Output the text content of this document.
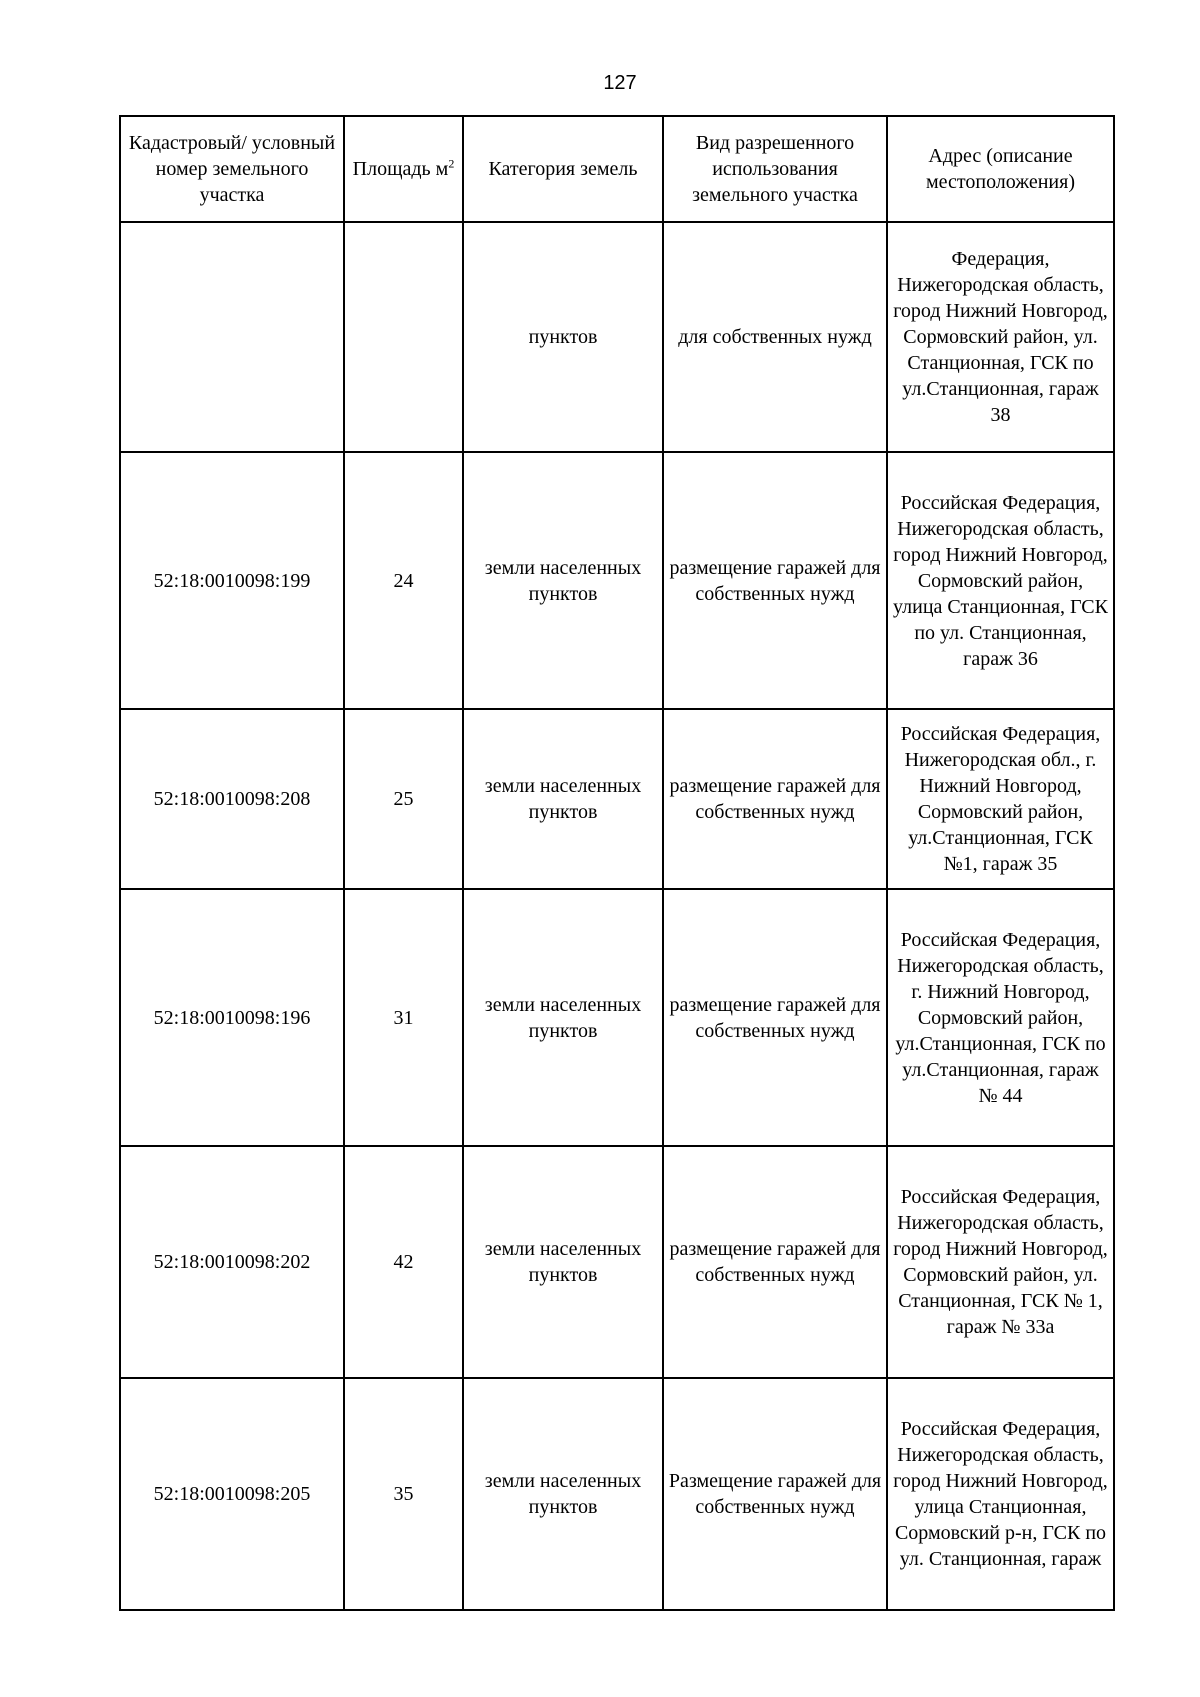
127
Кадастровый/ условный номер земельного участка	Площадь $м^2$	Категория земель	Вид разрешенного использования земельного участка	Адрес (описание местоположения)
		пунктов	для собственных нужд	Федерация, Нижегородская область, город Нижний Новгород, Сормовский район, ул. Станционная, ГСК по ул.Станционная, гараж 38
52:18:0010098:199	24	земли населенных пунктов	размещение гаражей для собственных нужд	Российская Федерация, Нижегородская область, город Нижний Новгород, Сормовский район, улица Станционная, ГСК по ул. Станционная, гараж 36
52:18:0010098:208	25	земли населенных пунктов	размещение гаражей для собственных нужд	Российская Федерация, Нижегородская обл., г. Нижний Новгород, Сормовский район, ул.Станционная, ГСК №1, гараж 35
52:18:0010098:196	31	земли населенных пунктов	размещение гаражей для собственных нужд	Российская Федерация, Нижегородская область, г. Нижний Новгород, Сормовский район, ул.Станционная, ГСК по ул.Станционная, гараж № 44
52:18:0010098:202	42	земли населенных пунктов	размещение гаражей для собственных нужд	Российская Федерация, Нижегородская область, город Нижний Новгород, Сормовский район, ул. Станционная, ГСК № 1, гараж № 33а
52:18:0010098:205	35	земли населенных пунктов	Размещение гаражей для собственных нужд	Российская Федерация, Нижегородская область, город Нижний Новгород, улица Станционная, Сормовский р-н, ГСК по ул. Станционная, гараж
